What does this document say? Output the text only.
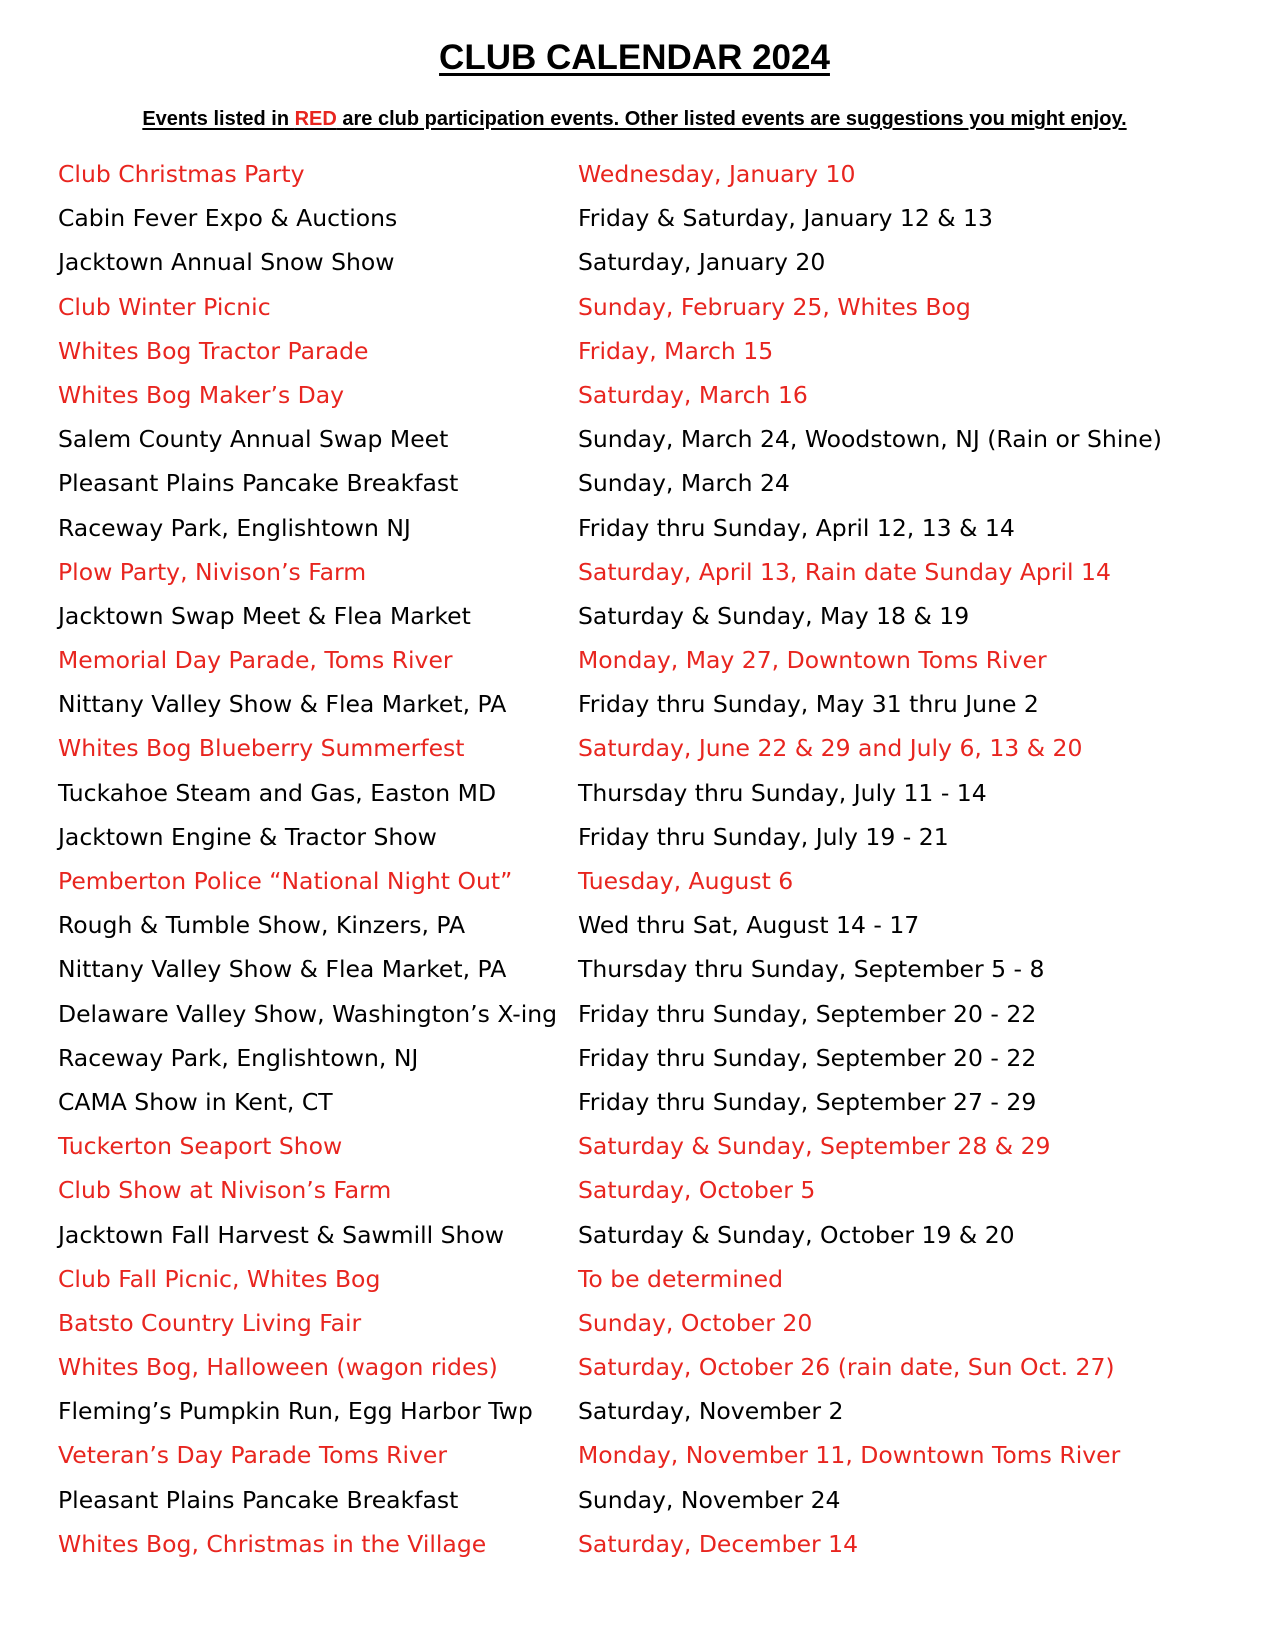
CLUB CALENDAR 2024

Events listed in RED are club participation events. Other listed events are suggestions you might enjoy.

Club Christmas Party	Wednesday, January 10
Cabin Fever Expo & Auctions	Friday & Saturday, January 12 & 13
Jacktown Annual Snow Show	Saturday, January 20
Club Winter Picnic	Sunday, February 25, Whites Bog
Whites Bog Tractor Parade	Friday, March 15
Whites Bog Maker’s Day	Saturday, March 16
Salem County Annual Swap Meet	Sunday, March 24, Woodstown, NJ (Rain or Shine)
Pleasant Plains Pancake Breakfast	Sunday, March 24
Raceway Park, Englishtown NJ	Friday thru Sunday, April 12, 13 & 14
Plow Party, Nivison’s Farm	Saturday, April 13, Rain date Sunday April 14
Jacktown Swap Meet & Flea Market	Saturday & Sunday, May 18 & 19
Memorial Day Parade, Toms River	Monday, May 27, Downtown Toms River
Nittany Valley Show & Flea Market, PA	Friday thru Sunday, May 31 thru June 2
Whites Bog Blueberry Summerfest	Saturday, June 22 & 29 and July 6, 13 & 20
Tuckahoe Steam and Gas, Easton MD	Thursday thru Sunday, July 11 - 14
Jacktown Engine & Tractor Show	Friday thru Sunday, July 19 - 21
Pemberton Police “National Night Out”	Tuesday, August 6
Rough & Tumble Show, Kinzers, PA	Wed thru Sat, August 14 - 17
Nittany Valley Show & Flea Market, PA	Thursday thru Sunday, September 5 - 8
Delaware Valley Show, Washington’s X-ing Friday thru Sunday, September 20 - 22
Raceway Park, Englishtown, NJ	Friday thru Sunday, September 20 - 22
CAMA Show in Kent, CT	Friday thru Sunday, September 27 - 29
Tuckerton Seaport Show	Saturday & Sunday, September 28 & 29
Club Show at Nivison’s Farm	Saturday, October 5
Jacktown Fall Harvest & Sawmill Show	Saturday & Sunday, October 19 & 20
Club Fall Picnic, Whites Bog	To be determined
Batsto Country Living Fair	Sunday, October 20
Whites Bog, Halloween (wagon rides)	Saturday, October 26 (rain date, Sun Oct. 27)
Fleming’s Pumpkin Run, Egg Harbor Twp Saturday, November 2
Veteran’s Day Parade Toms River	Monday, November 11, Downtown Toms River
Pleasant Plains Pancake Breakfast	Sunday, November 24
Whites Bog, Christmas in the Village	Saturday, December 14
